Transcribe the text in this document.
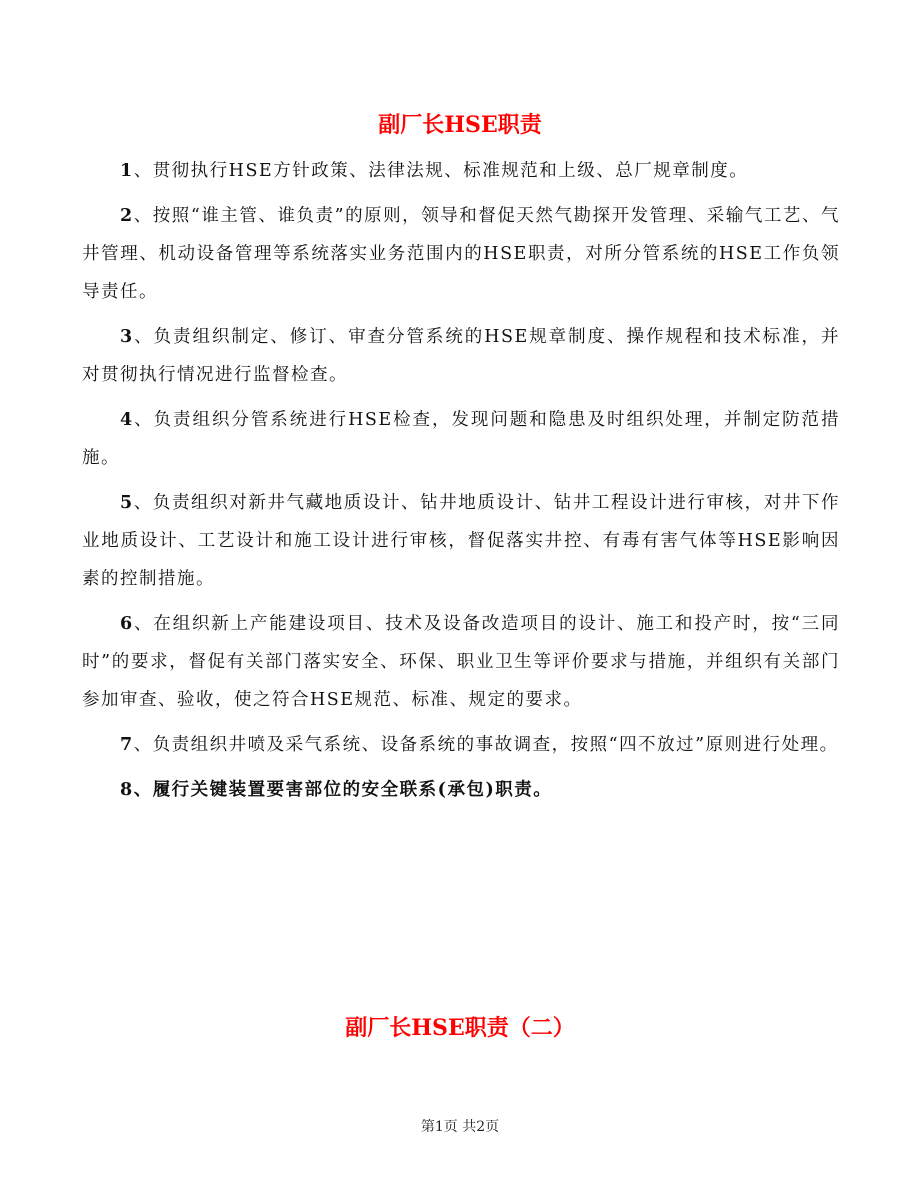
副厂长HSE职责

1、贯彻执行HSE方针政策、法律法规、标准规范和上级、总厂规章制度。

2、按照“谁主管、谁负责”的原则，领导和督促天然气勘探开发管理、采输气工艺、气井管理、机动设备管理等系统落实业务范围内的HSE职责，对所分管系统的HSE工作负领导责任。

3、负责组织制定、修订、审查分管系统的HSE规章制度、操作规程和技术标准，并对贯彻执行情况进行监督检查。

4、负责组织分管系统进行HSE检查，发现问题和隐患及时组织处理，并制定防范措施。

5、负责组织对新井气藏地质设计、钻井地质设计、钻井工程设计进行审核，对井下作业地质设计、工艺设计和施工设计进行审核，督促落实井控、有毒有害气体等HSE影响因素的控制措施。

6、在组织新上产能建设项目、技术及设备改造项目的设计、施工和投产时，按“三同时”的要求，督促有关部门落实安全、环保、职业卫生等评价要求与措施，并组织有关部门参加审查、验收，使之符合HSE规范、标准、规定的要求。

7、负责组织井喷及采气系统、设备系统的事故调查，按照“四不放过”原则进行处理。

8、履行关键装置要害部位的安全联系(承包)职责。

副厂长HSE职责（二）
第1页 共2页
